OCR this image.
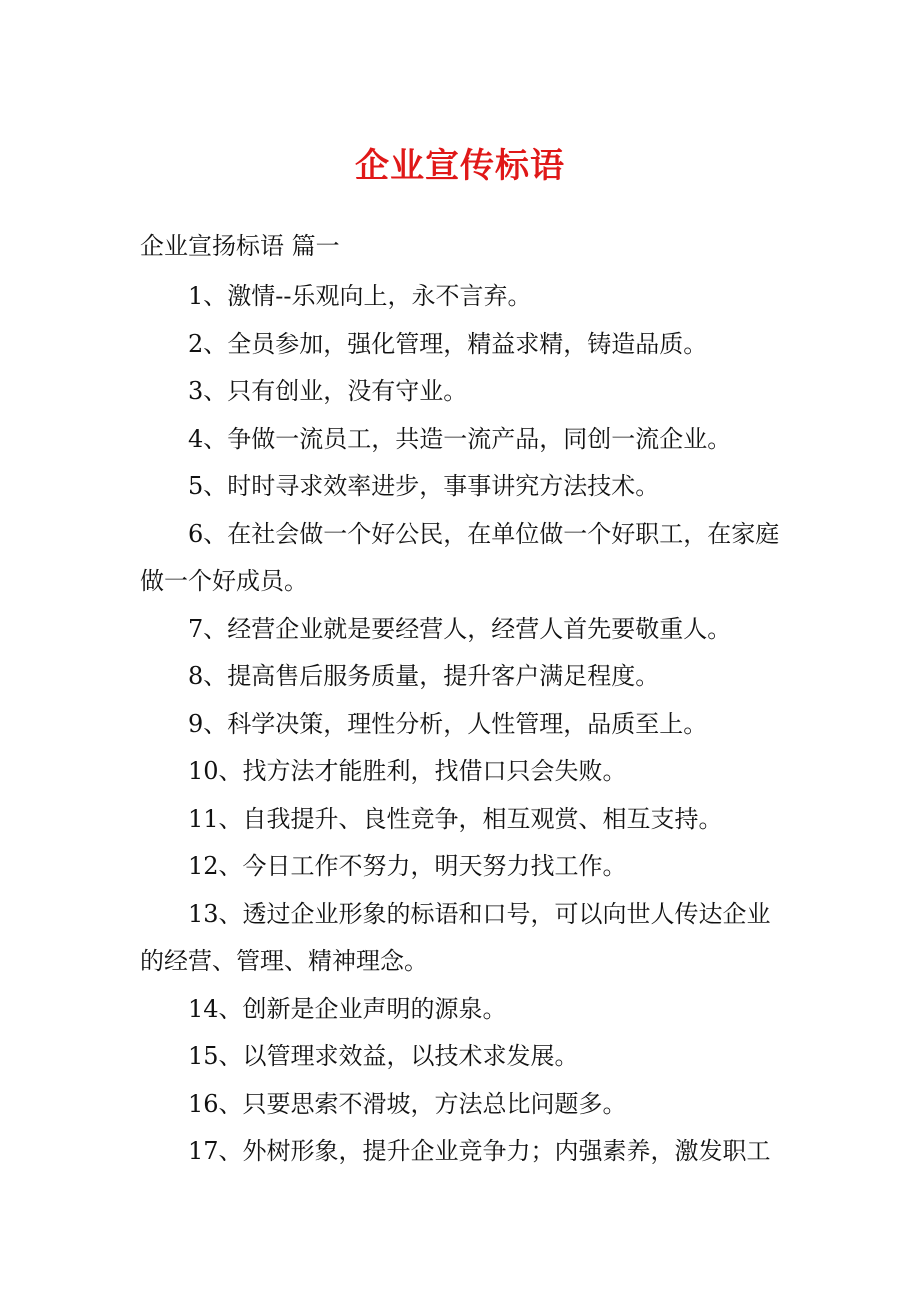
企业宣传标语
企业宣扬标语 篇一

1、激情--乐观向上，永不言弃。

2、全员参加，强化管理，精益求精，铸造品质。

3、只有创业，没有守业。

4、争做一流员工，共造一流产品，同创一流企业。

5、时时寻求效率进步，事事讲究方法技术。

6、在社会做一个好公民，在单位做一个好职工，在家庭做一个好成员。

7、经营企业就是要经营人，经营人首先要敬重人。

8、提高售后服务质量，提升客户满足程度。

9、科学决策，理性分析，人性管理，品质至上。

10、找方法才能胜利，找借口只会失败。

11、自我提升、良性竞争，相互观赏、相互支持。

12、今日工作不努力，明天努力找工作。

13、透过企业形象的标语和口号，可以向世人传达企业的经营、管理、精神理念。

14、创新是企业声明的源泉。

15、以管理求效益，以技术求发展。

16、只要思索不滑坡，方法总比问题多。

17、外树形象，提升企业竞争力；内强素养，激发职工
